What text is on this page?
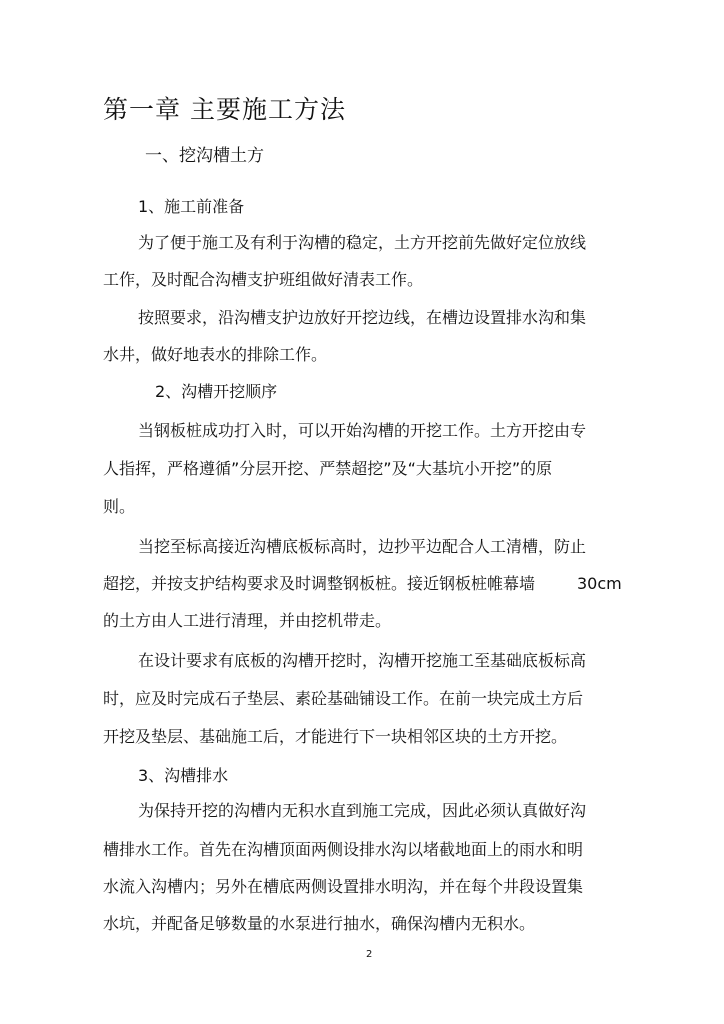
第一章 主要施工方法
一、挖沟槽土方
1、施工前准备
为了便于施工及有利于沟槽的稳定，土方开挖前先做好定位放线
工作，及时配合沟槽支护班组做好清表工作。
按照要求，沿沟槽支护边放好开挖边线，在槽边设置排水沟和集
水井，做好地表水的排除工作。
2、沟槽开挖顺序
当钢板桩成功打入时，可以开始沟槽的开挖工作。土方开挖由专
人指挥，严格遵循”分层开挖、严禁超挖”及“大基坑小开挖”的原
则。
当挖至标高接近沟槽底板标高时，边抄平边配合人工清槽，防止
超挖，并按支护结构要求及时调整钢板桩。接近钢板桩帷幕墙	30cm
的土方由人工进行清理，并由挖机带走。
在设计要求有底板的沟槽开挖时，沟槽开挖施工至基础底板标高
时，应及时完成石子垫层、素砼基础铺设工作。在前一块完成土方后
开挖及垫层、基础施工后，才能进行下一块相邻区块的土方开挖。
3、沟槽排水
为保持开挖的沟槽内无积水直到施工完成，因此必须认真做好沟
槽排水工作。首先在沟槽顶面两侧设排水沟以堵截地面上的雨水和明
水流入沟槽内；另外在槽底两侧设置排水明沟，并在每个井段设置集
水坑，并配备足够数量的水泵进行抽水，确保沟槽内无积水。
2
